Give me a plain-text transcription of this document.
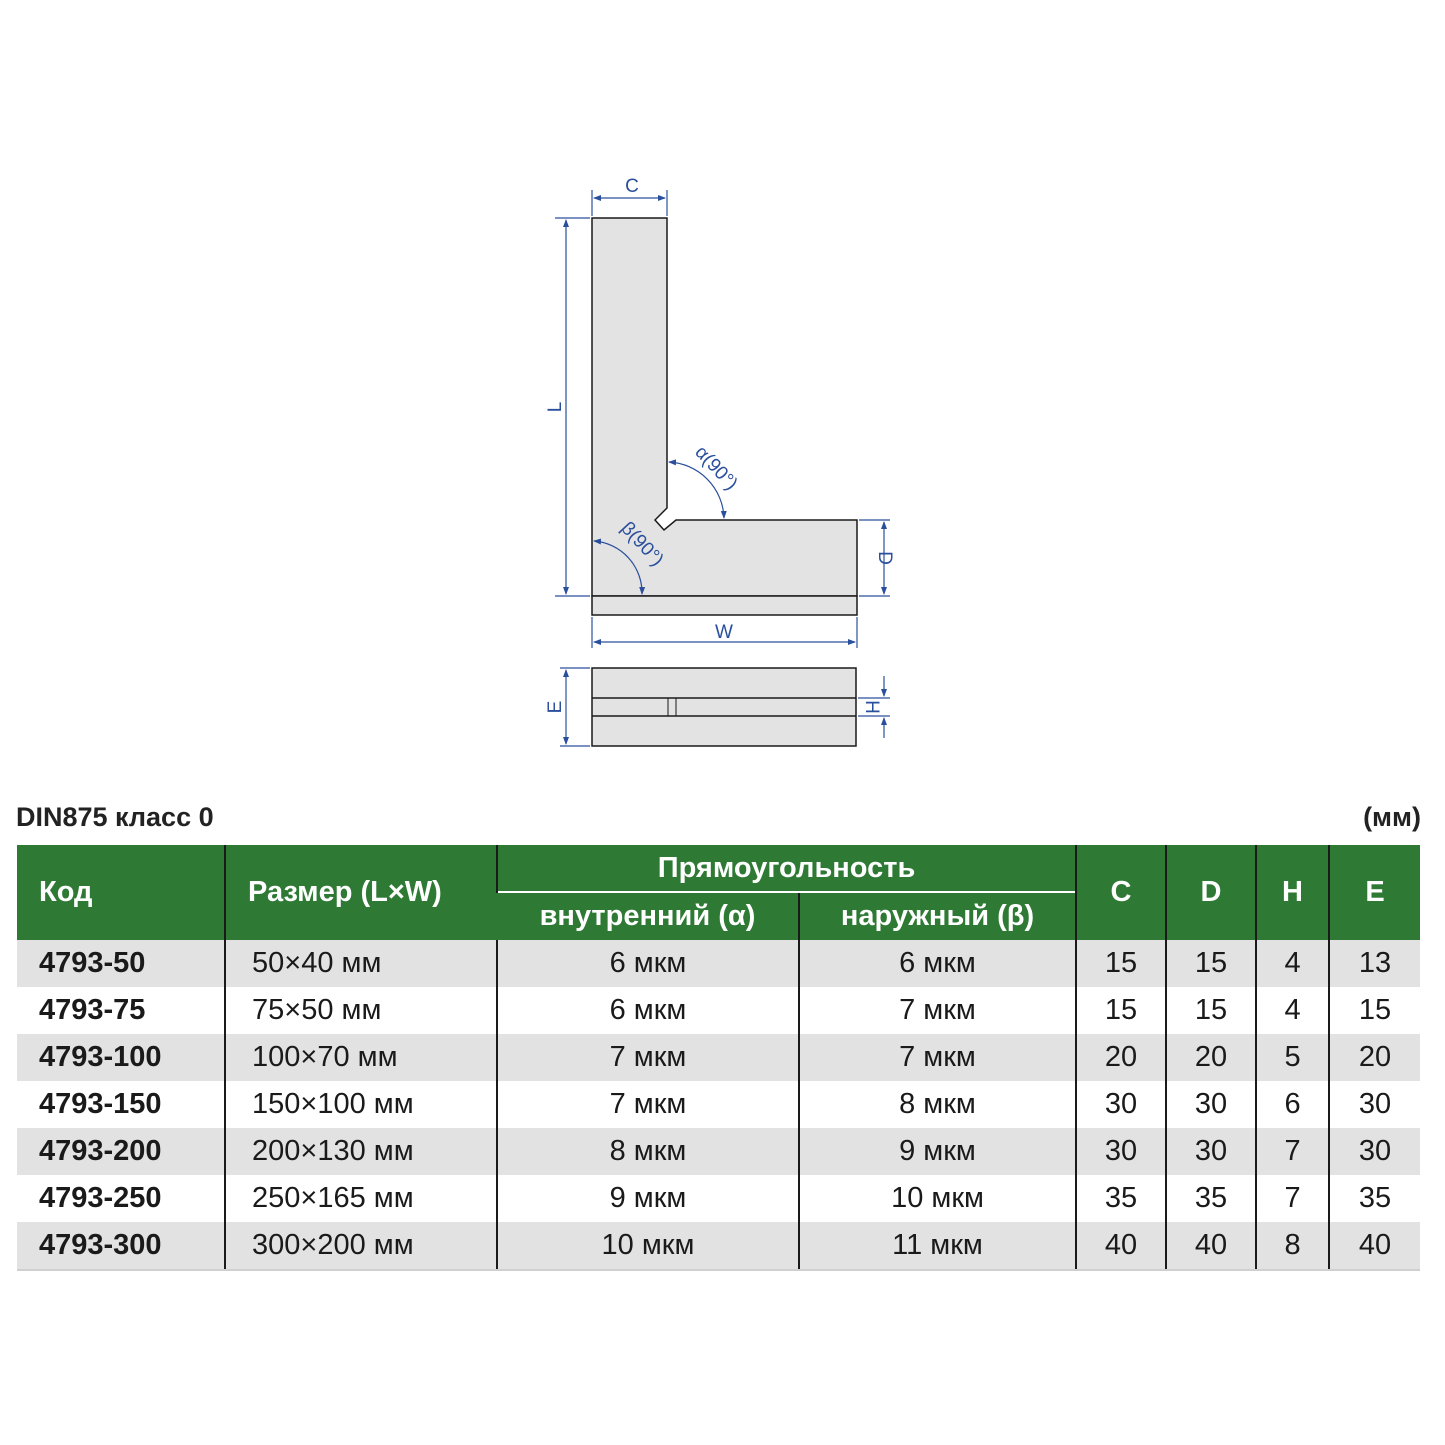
C
L
D
W
α(90°)
β(90°)
E	H
DIN875 класс 0	(мм)
Код	Размер (L×W)	Прямоугольность		C	D	H	E
		внутренний (α)	наружный (β)				
4793-50	50×40 мм	6 мкм	6 мкм	15	15	4	13
4793-75	75×50 мм	6 мкм	7 мкм	15	15	4	15
4793-100	100×70 мм	7 мкм	7 мкм	20	20	5	20
4793-150	150×100 мм	7 мкм	8 мкм	30	30	6	30
4793-200	200×130 мм	8 мкм	9 мкм	30	30	7	30
4793-250	250×165 мм	9 мкм	10 мкм	35	35	7	35
4793-300	300×200 мм	10 мкм	11 мкм	40	40	8	40
